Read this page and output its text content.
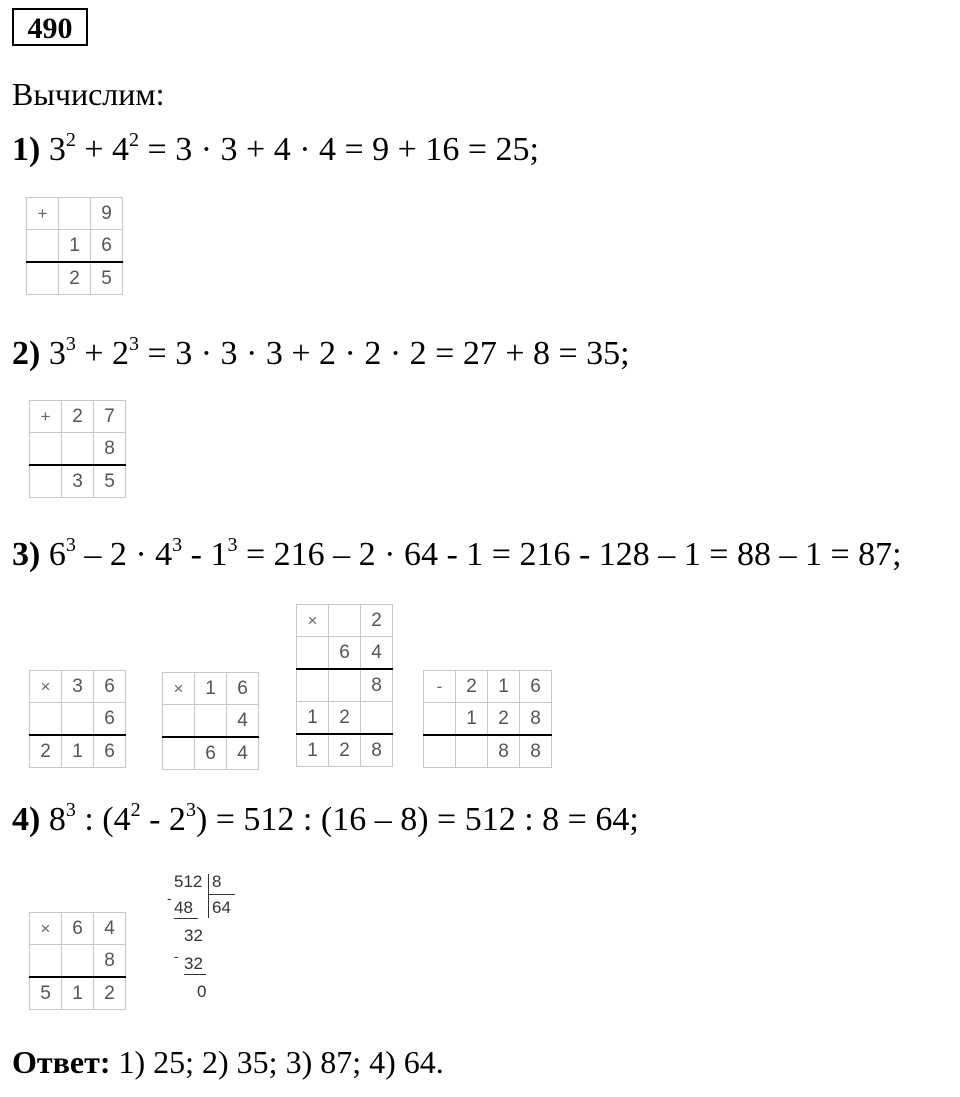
490
Вычислим:
1) $3^2 + 4^2 = 3 \cdot 3 + 4 \cdot 4 = 9 + 16 = 25$;
+		9
	1	6
	2	5
2) $3^3 + 2^3 = 3 \cdot 3 \cdot 3 + 2 \cdot 2 \cdot 2 = 27 + 8 = 35$;
+	2	7
		8
	3	5
3) $6^3 - 2 \cdot 4^3 - 1^3 = 216 - 2 \cdot 64 - 1 = 216 - 128 - 1 = 88 - 1 = 87$;
×	3	6
		6
2	1	6
×	1	6
		4
	6	4
×		2
	6	4
		8
1	2	
1	2	8
-	2	1	6
	1	2	8
		8	8
4) $8^3$ : $(4^2 - 2^3) = 512$ : (16 – 8) = 512 : 8 = 64;
×	6	4
		8
5	1	2
512 8
- 48 64
32
- 32
0
Ответ: 1) 25; 2) 35; 3) 87; 4) 64.
